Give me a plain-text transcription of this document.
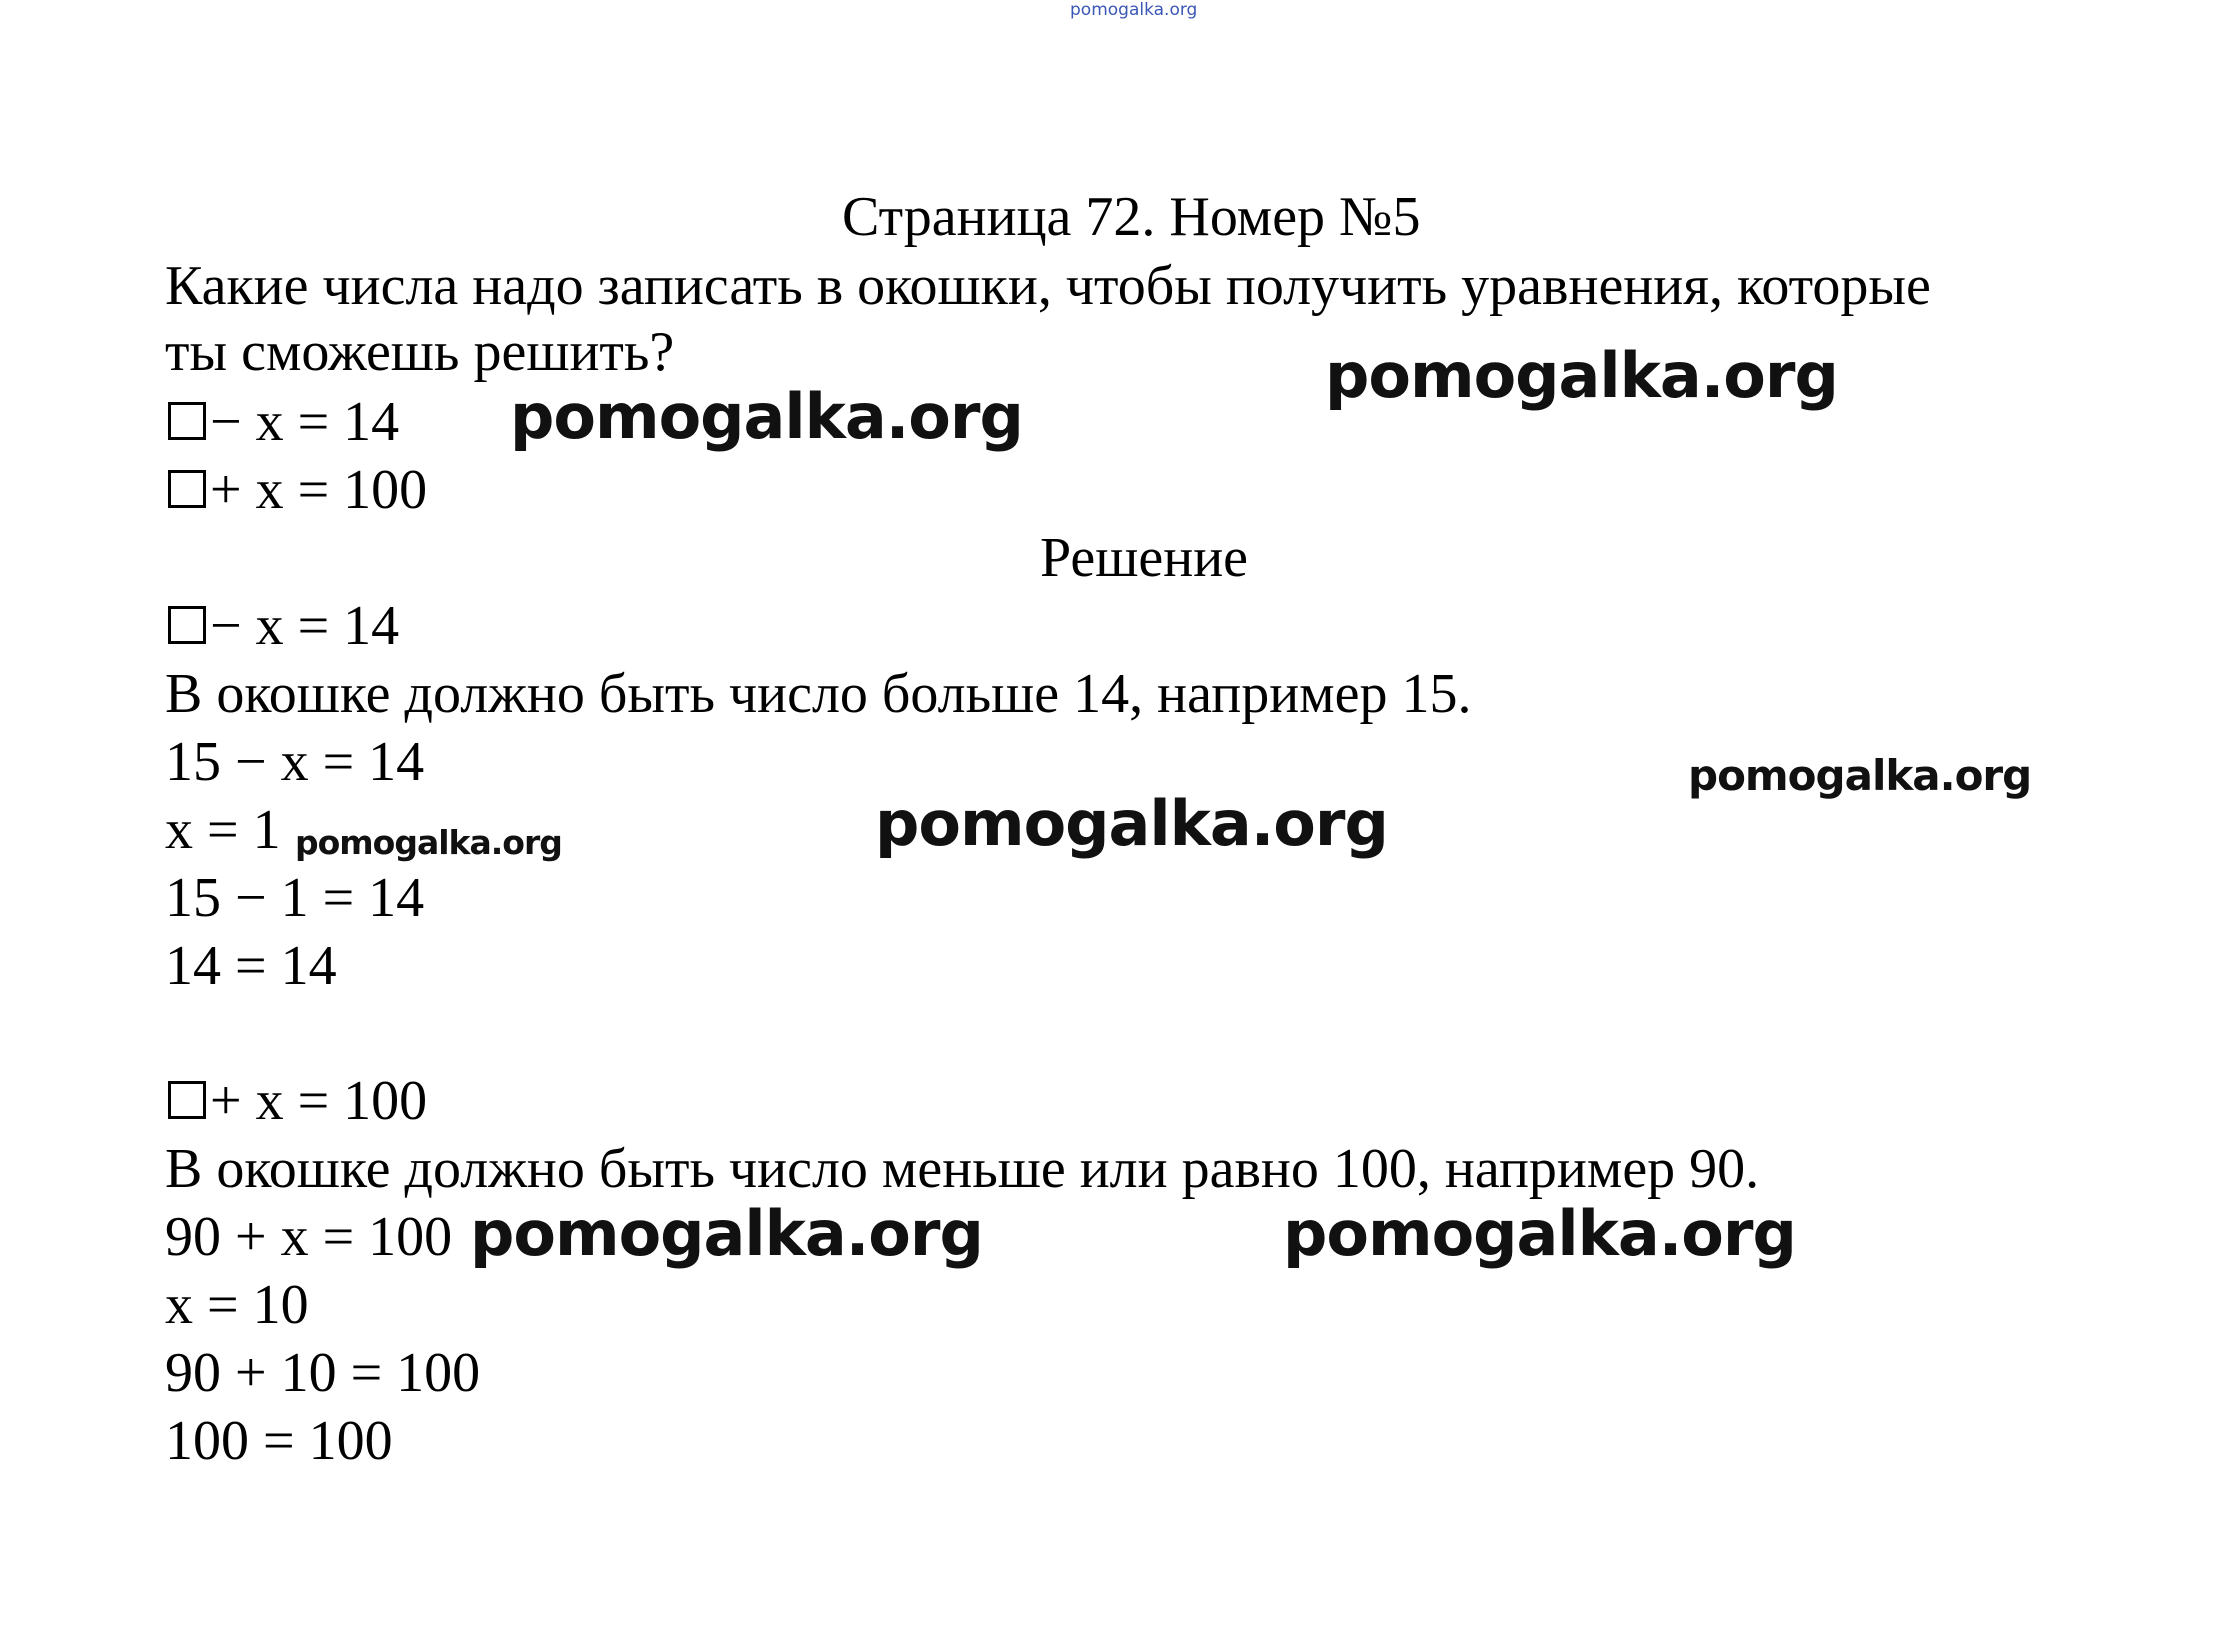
pomogalka.org
Страница 72. Номер №5
Какие числа надо записать в окошки, чтобы получить уравнения, которые
ты сможешь решить?
− x = 14
+ x = 100
Решение
− x = 14
В окошке должно быть число больше 14, например 15.
15 − x = 14
x = 1
15 − 1 = 14
14 = 14
+ x = 100
В окошке должно быть число меньше или равно 100, например 90.
90 + x = 100
x = 10
90 + 10 = 100
100 = 100
pomogalka.org
pomogalka.org
pomogalka.org
pomogalka.org
pomogalka.org
pomogalka.org	pomogalka.org
